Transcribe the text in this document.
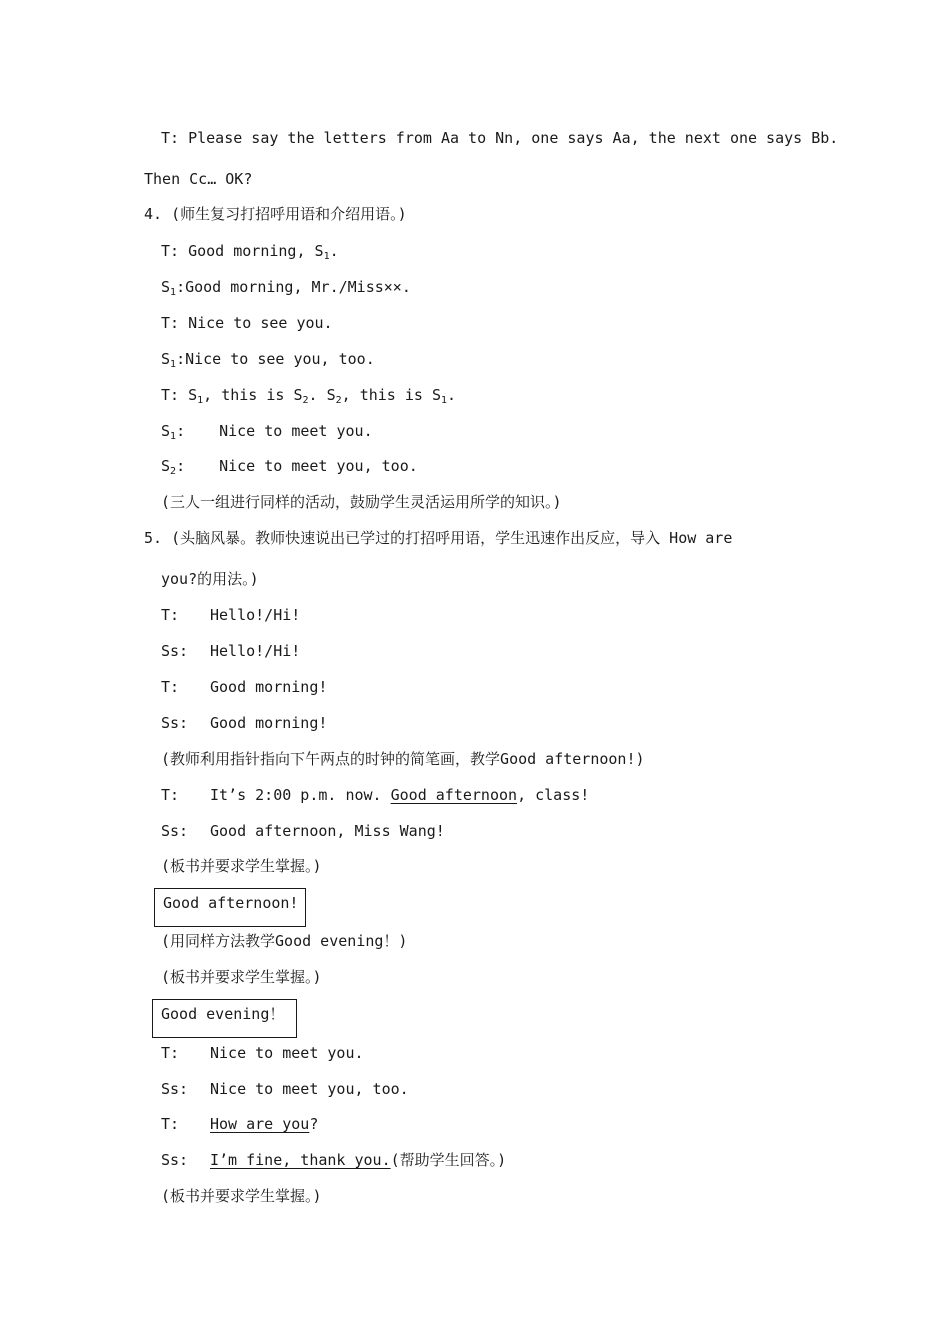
T: Please say the letters from Aa to Nn, one says Aa, the next one says Bb.
Then Cc… OK?
4. (师生复习打招呼用语和介绍用语。)
T: Good morning, $S_1$.
$S_1:Good$ morning, Mr./Miss××.
T: Nice to see you.
$S_1:Nice$ to see you, too.
T: $S_1$, this is $S_2$. $S_2$, this is $S_1$.
$S_1$: Nice to meet you.
$S_2$: Nice to meet you, too.
(三人一组进行同样的活动，鼓励学生灵活运用所学的知识。)
5. (头脑风暴。教师快速说出已学过的打招呼用语，学生迅速作出反应，导入 How are
you?的用法。)
T: Hello!/Hi!
Ss: Hello!/Hi!
T: Good morning!
Ss: Good morning!
(教师利用指针指向下午两点的时钟的简笔画，教学Good afternoon!)
T: It’s 2:00 p.m. now. Good afternoon, class!
Ss: Good afternoon, Miss Wang!
(板书并要求学生掌握。)
Good afternoon!
(用同样方法教学Good evening！)
(板书并要求学生掌握。)
Good evening！
T: Nice to meet you.
Ss: Nice to meet you, too.
T: How are you?
Ss: I’m fine, thank you.(帮助学生回答。)
(板书并要求学生掌握。)
